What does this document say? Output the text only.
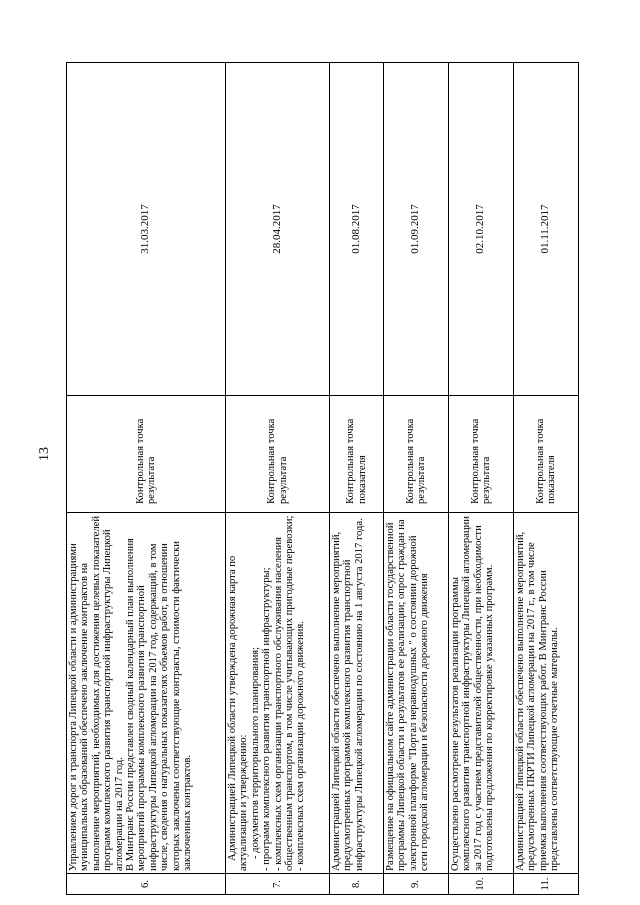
13
6.	Управлением дорог и транспорта Липецкой области и администрациями муниципальных образований обеспечено заключение контрактов на выполнение мероприятий, необходимых для достижения целевых показателей программ комплексного развития транспортной инфраструктуры Липецкой агломерации на 2017 год. В Минтранс России представлен сводный календарный план выполнения мероприятий программы комплексного развития транспортной инфраструктуры Липецкой агломерации на 2017 год, содержащий, в том числе, сведения о натуральных показателях объемов работ, в отношении которых заключены соответствующие контракты, стоимости фактически заключенных контрактов.	Контрольная точка результата	31.03.2017
7.	Администрацией Липецкой области утверждена дорожная карта по актуализации и утверждению: - документов территориального планирования; - программ комплексного развития транспортной инфраструктуры; - комплексных схем организации транспортного обслуживания населения общественным транспортом, в том числе учитывающих пригодные перевозки; - комплексных схем организации дорожного движения.	Контрольная точка результата	28.04.2017
8.	Администрацией Липецкой области обеспечено выполнение мероприятий, предусмотренных программой комплексного развития транспортной инфраструктуры Липецкой агломерации по состоянию на 1 августа 2017 года.	Контрольная точка показателя	01.08.2017
9.	Размещение на официальном сайте администрации области государственной программы Липецкой области и результатов ее реализации; опрос граждан на электронной платформе "Портал неравнодушных " о состоянии дорожной сети городской агломерации и безопасности дорожного движения	Контрольная точка результата	01.09.2017
10.	Осуществлено рассмотрение результатов реализации программы комплексного развития транспортной инфраструктуры Липецкой агломерации за 2017 год с участием представителей общественности, при необходимости подготовлены предложения по корректировке указанных программ.	Контрольная точка результата	02.10.2017
11.	Администрацией Липецкой области обеспечено выполнение мероприятий, предусмотренных ПКРТИ Липецкой агломерации на 2017 г., в том числе приемка выполнения соответствующих работ. В Минтранс России представлены соответствующие отчетные материалы.	Контрольная точка показателя	01.11.2017
